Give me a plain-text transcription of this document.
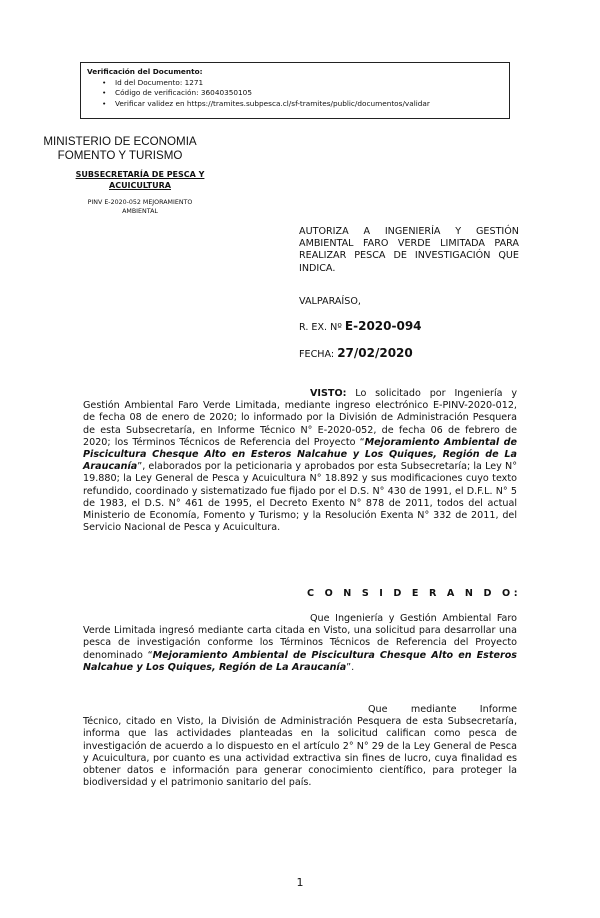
Verificación del Documento:
• Id del Documento: 1271
• Código de verificación: 36040350105
• Verificar validez en https://tramites.subpesca.cl/sf-tramites/public/documentos/validar
MINISTERIO DE ECONOMIA
FOMENTO Y TURISMO
SUBSECRETARÍA DE PESCA Y
ACUICULTURA
PINV E-2020-052 MEJORAMIENTO
AMBIENTAL
AUTORIZA A INGENIERÍA Y GESTIÓN AMBIENTAL FARO VERDE LIMITADA PARA REALIZAR PESCA DE INVESTIGACIÓN QUE INDICA.
VALPARAÍSO,
R. EX. Nº E-2020-094
FECHA: 27/02/2020

VISTO: Lo solicitado por Ingeniería y Gestión Ambiental Faro Verde Limitada, mediante ingreso electrónico E-PINV-2020-012, de fecha 08 de enero de 2020; lo informado por la División de Administración Pesquera de esta Subsecretaría, en Informe Técnico N° E-2020-052, de fecha 06 de febrero de 2020; los Términos Técnicos de Referencia del Proyecto “Mejoramiento Ambiental de Piscicultura Chesque Alto en Esteros Nalcahue y Los Quiques, Región de La Araucanía”, elaborados por la peticionaria y aprobados por esta Subsecretaría; la Ley N° 19.880; la Ley General de Pesca y Acuicultura N° 18.892 y sus modificaciones cuyo texto refundido, coordinado y sistematizado fue fijado por el D.S. N° 430 de 1991, el D.F.L. N° 5 de 1983, el D.S. N° 461 de 1995, el Decreto Exento N° 878 de 2011, todos del actual Ministerio de Economía, Fomento y Turismo; y la Resolución Exenta N° 332 de 2011, del Servicio Nacional de Pesca y Acuicultura.

C O N S I D E R A N D O:

Que Ingeniería y Gestión Ambiental Faro Verde Limitada ingresó mediante carta citada en Visto, una solicitud para desarrollar una pesca de investigación conforme los Términos Técnicos de Referencia del Proyecto denominado “Mejoramiento Ambiental de Piscicultura Chesque Alto en Esteros Nalcahue y Los Quiques, Región de La Araucanía”.

Que mediante Informe Técnico, citado en Visto, la División de Administración Pesquera de esta Subsecretaría, informa que las actividades planteadas en la solicitud califican como pesca de investigación de acuerdo a lo dispuesto en el artículo 2° N° 29 de la Ley General de Pesca y Acuicultura, por cuanto es una actividad extractiva sin fines de lucro, cuya finalidad es obtener datos e información para generar conocimiento científico, para proteger la biodiversidad y el patrimonio sanitario del país.

1
